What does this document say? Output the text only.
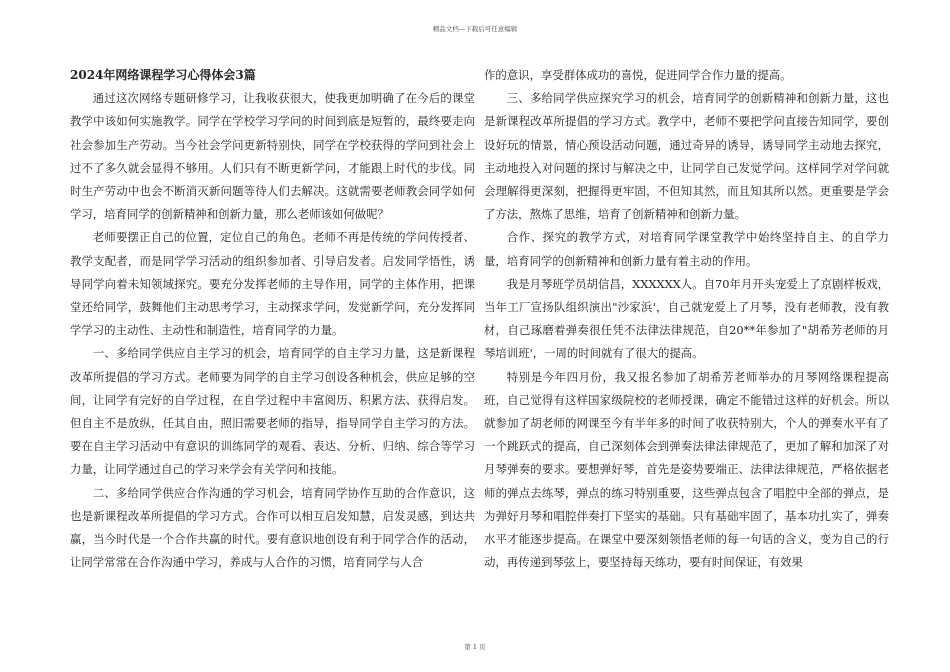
精品文档---下载后可任意编辑

2024年网络课程学习心得体会3篇

通过这次网络专题研修学习，让我收获很大，使我更加明确了在今后的课堂教学中该如何实施教学。同学在学校学习学问的时间到底是短暂的，最终要走向社会参加生产劳动。当今社会学问更新特别快，同学在学校获得的学问到社会上过不了多久就会显得不够用。人们只有不断更新学问，才能跟上时代的步伐。同时生产劳动中也会不断消灭新问题等待人们去解决。这就需要老师教会同学如何学习，培育同学的创新精神和创新力量，那么老师该如何做呢？

老师要摆正自己的位置，定位自己的角色。老师不再是传统的学问传授者、教学支配者，而是同学学习活动的组织参加者、引导启发者。启发同学悟性，诱导同学向着未知领域探究。要充分发挥老师的主导作用，同学的主体作用，把课堂还给同学，鼓舞他们主动思考学习，主动探求学问，发觉新学问，充分发挥同学学习的主动性、主动性和制造性，培育同学的力量。

一、多给同学供应自主学习的机会，培育同学的自主学习力量，这是新课程改革所提倡的学习方式。老师要为同学的自主学习创设各种机会，供应足够的空间，让同学有完好的自学过程，在自学过程中丰富阅历、积累方法、获得启发。但自主不是放纵，任其自由，照旧需要老师的指导，指导同学自主学习的方法。要在自主学习活动中有意识的训练同学的观看、表达、分析、归纳、综合等学习力量，让同学通过自己的学习来学会有关学问和技能。

二、多给同学供应合作沟通的学习机会，培育同学协作互助的合作意识，这也是新课程改革所提倡的学习方式。合作可以相互启发知慧，启发灵感，到达共赢，当今时代是一个合作共赢的时代。要有意识地创设有利于同学合作的活动，让同学常常在合作沟通中学习，养成与人合作的习惯，培育同学与人合

作的意识，享受群体成功的喜悦，促进同学合作力量的提高。

三、多给同学供应探究学习的机会，培育同学的创新精神和创新力量，这也是新课程改革所提倡的学习方式。教学中，老师不要把学问直接告知同学，要创设好玩的情景，情心预设活动问题，通过奇异的诱导，诱导同学主动地去探究，主动地投入对问题的探讨与解决之中，让同学自己发觉学问。这样同学对学问就会理解得更深刻，把握得更牢固，不但知其然，而且知其所以然。更重要是学会了方法，熬炼了思维，培育了创新精神和创新力量。

合作、探究的教学方式，对培育同学课堂教学中始终坚持自主、的自学力量，培育同学的创新精神和创新力量有着主动的作用。

我是月琴班学员胡信昌，XXXXXX人。自70年月开头宠爱上了京剧样板戏，当年工厂宣扬队组织演出"沙家浜'，自己就宠爱上了月琴，没有老师教，没有教材，自己琢磨着弹奏很任凭不法律法律规范，自20**年参加了"胡希芳老师的月琴培训班'，一周的时间就有了很大的提高。

特别是今年四月份，我又报名参加了胡希芳老师举办的月琴网络课程提高班，自己觉得有这样国家级院校的老师授课，确定不能错过这样的好机会。所以就参加了胡老师的网课至今有半年多的时间了收获特别大，个人的弹奏水平有了一个跳跃式的提高，自己深刻体会到弹奏法律法律规范了，更加了解和加深了对月琴弹奏的要求。要想弹好琴，首先是姿势要端正、法律法律规范，严格依据老师的弹点去练琴，弹点的练习特别重要，这些弹点包含了唱腔中全部的弹点，是为弹好月琴和唱腔伴奏打下坚实的基础。只有基础牢固了，基本功扎实了，弹奏水平才能逐步提高。在课堂中要深刻领悟老师的每一句话的含义，变为自己的行动，再传递到琴弦上，要坚持每天练功，要有时间保证，有效果

第 1 页
